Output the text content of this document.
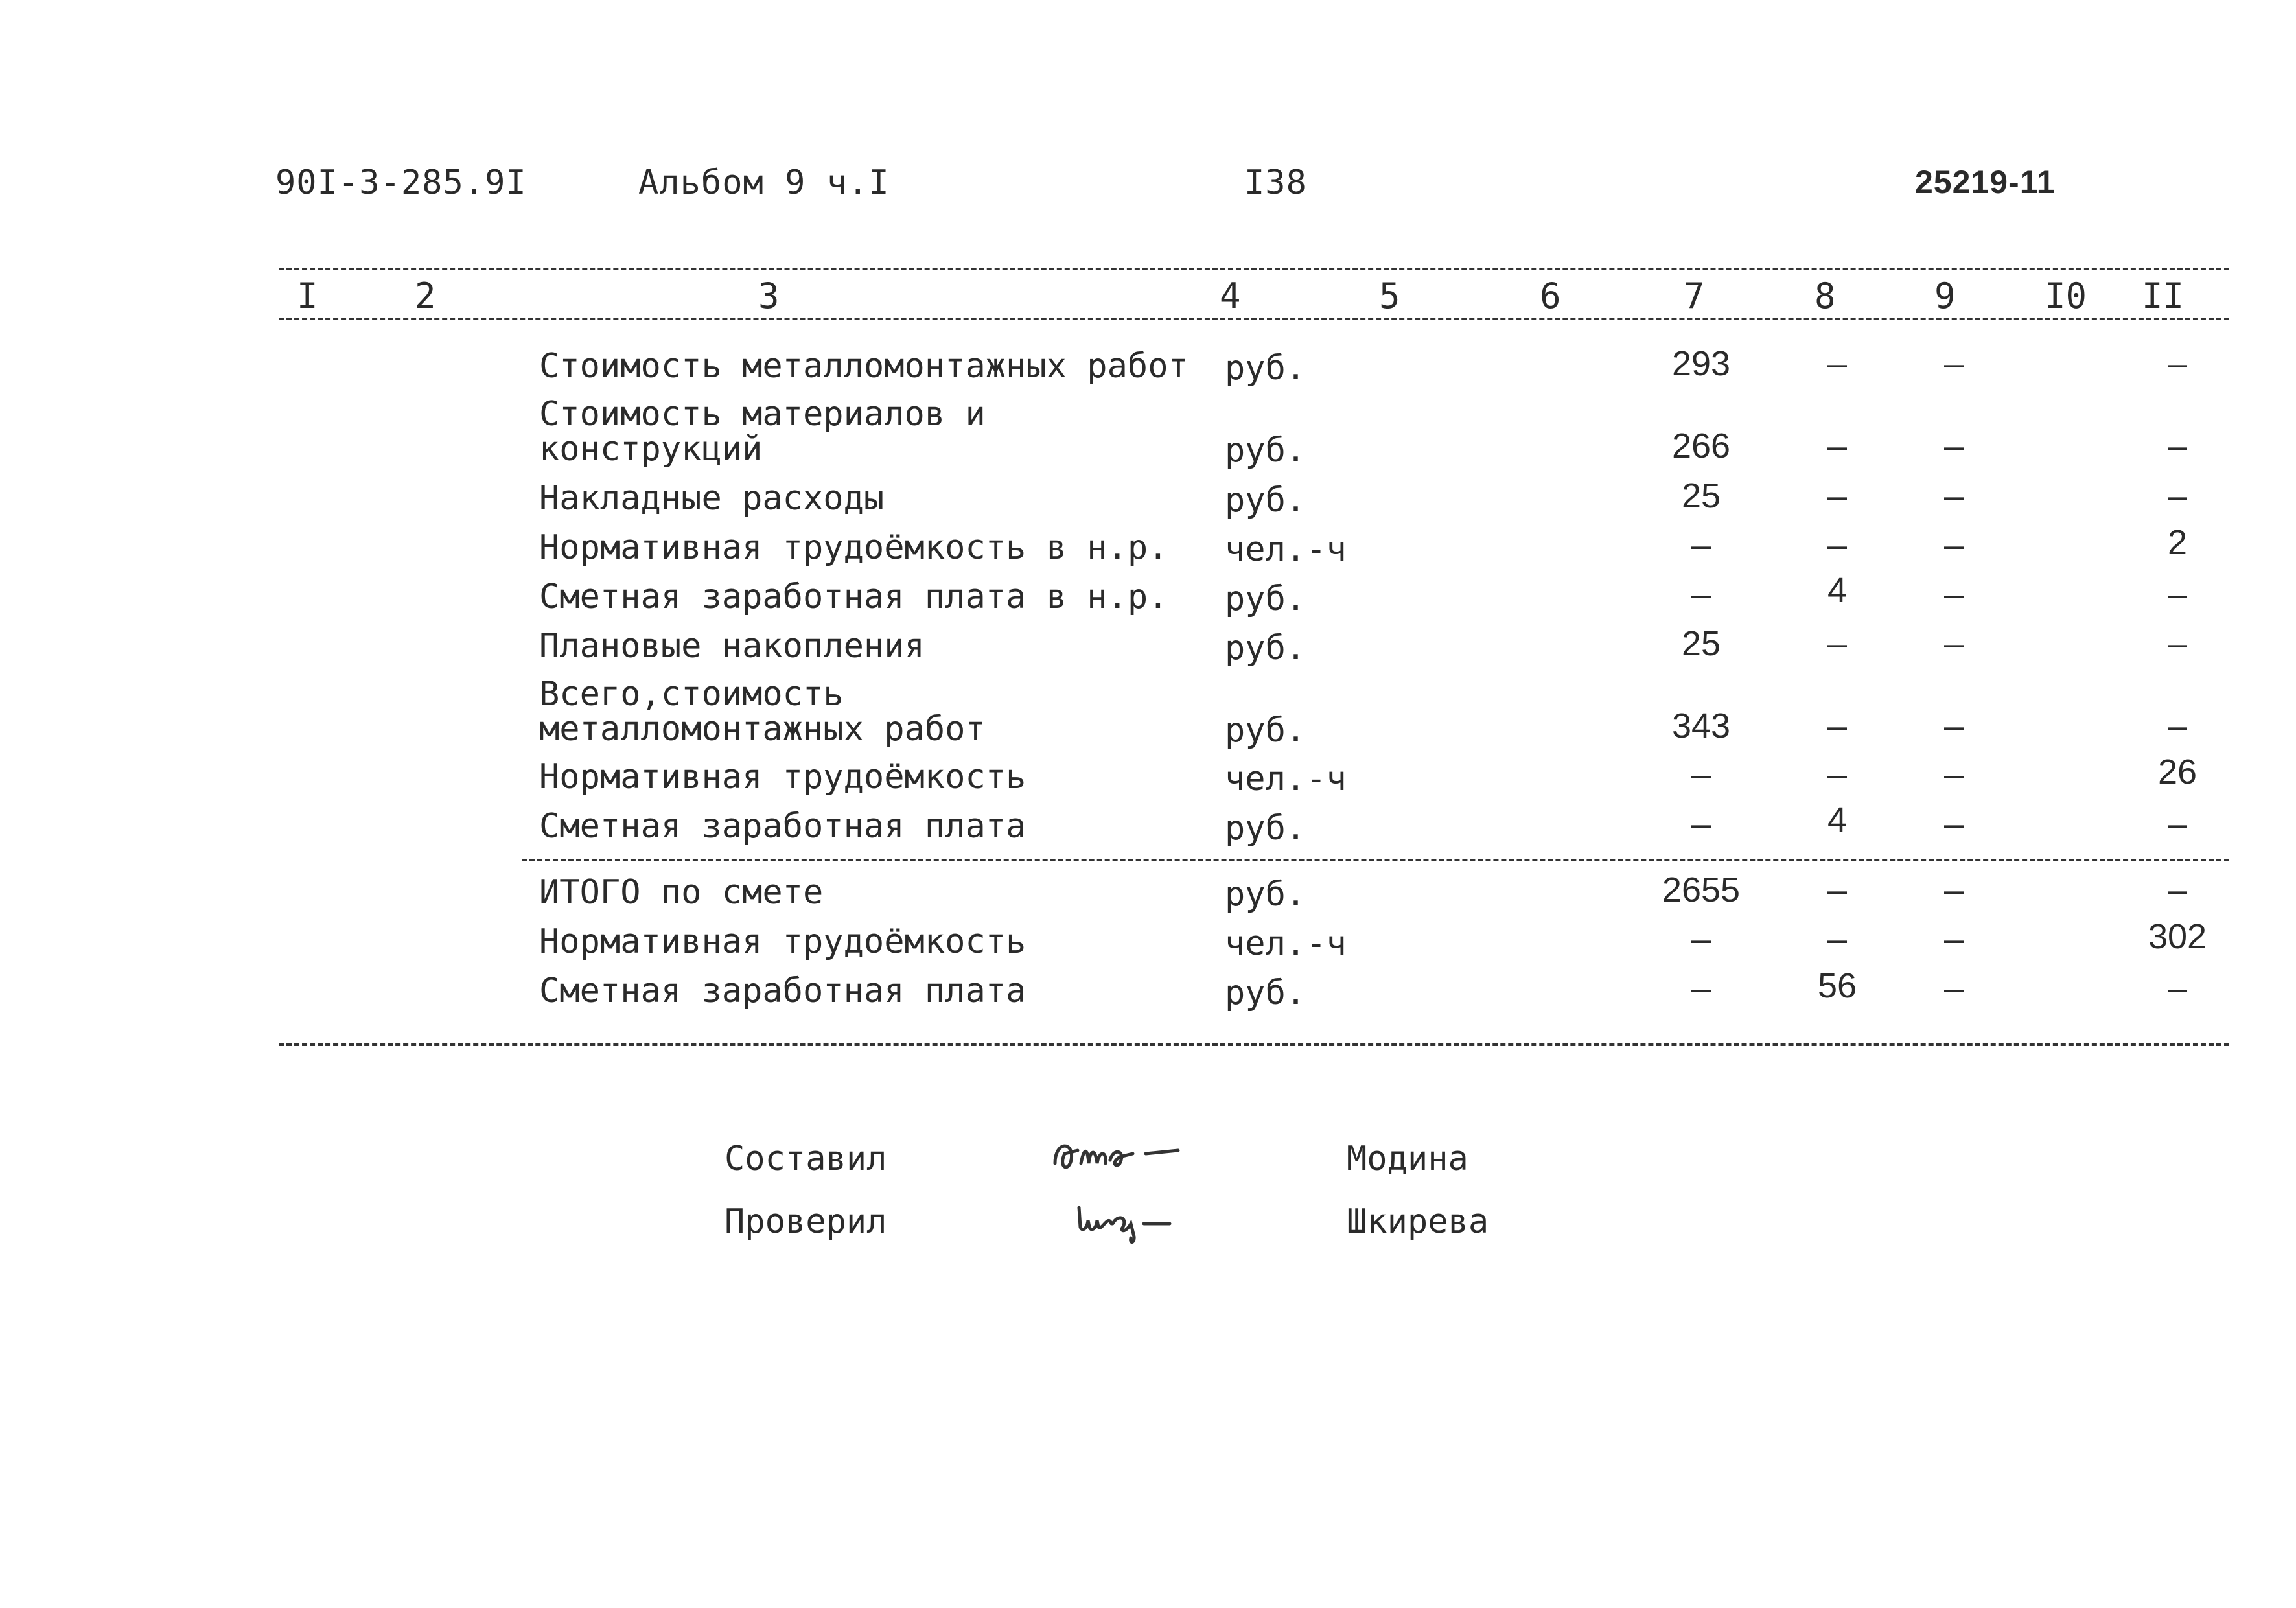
90I-3-285.9I	Альбом 9 ч.I	I38	25219-11
I	2	3	4	5	6	7	8	9	I0 II
Стоимость металломонтажных работ руб.	293	–	–	–
Стоимость материалов и конструкций	руб.	266	–	–	–
Накладные расходы	руб.	25	–	–	–
Нормативная трудоёмкость в н.р. чел.-ч	–	–	–	2
Сметная заработная плата в н.р. руб.	–	4	–	–
Плановые накопления	руб.	25	–	–	–
Всего,стоимость металломонтажных работ	руб.	343	–	–	–
Нормативная трудоёмкость	чел.-ч	–	–	–	26
Сметная заработная плата	руб.	–	4	–	–
ИТОГО по смете	руб.	2655	–	–	–
Нормативная трудоёмкость	чел.-ч	–	–	–	302
Сметная заработная плата	руб.	–	56	–	–
Составил	Модина
Проверил	Шкирева
